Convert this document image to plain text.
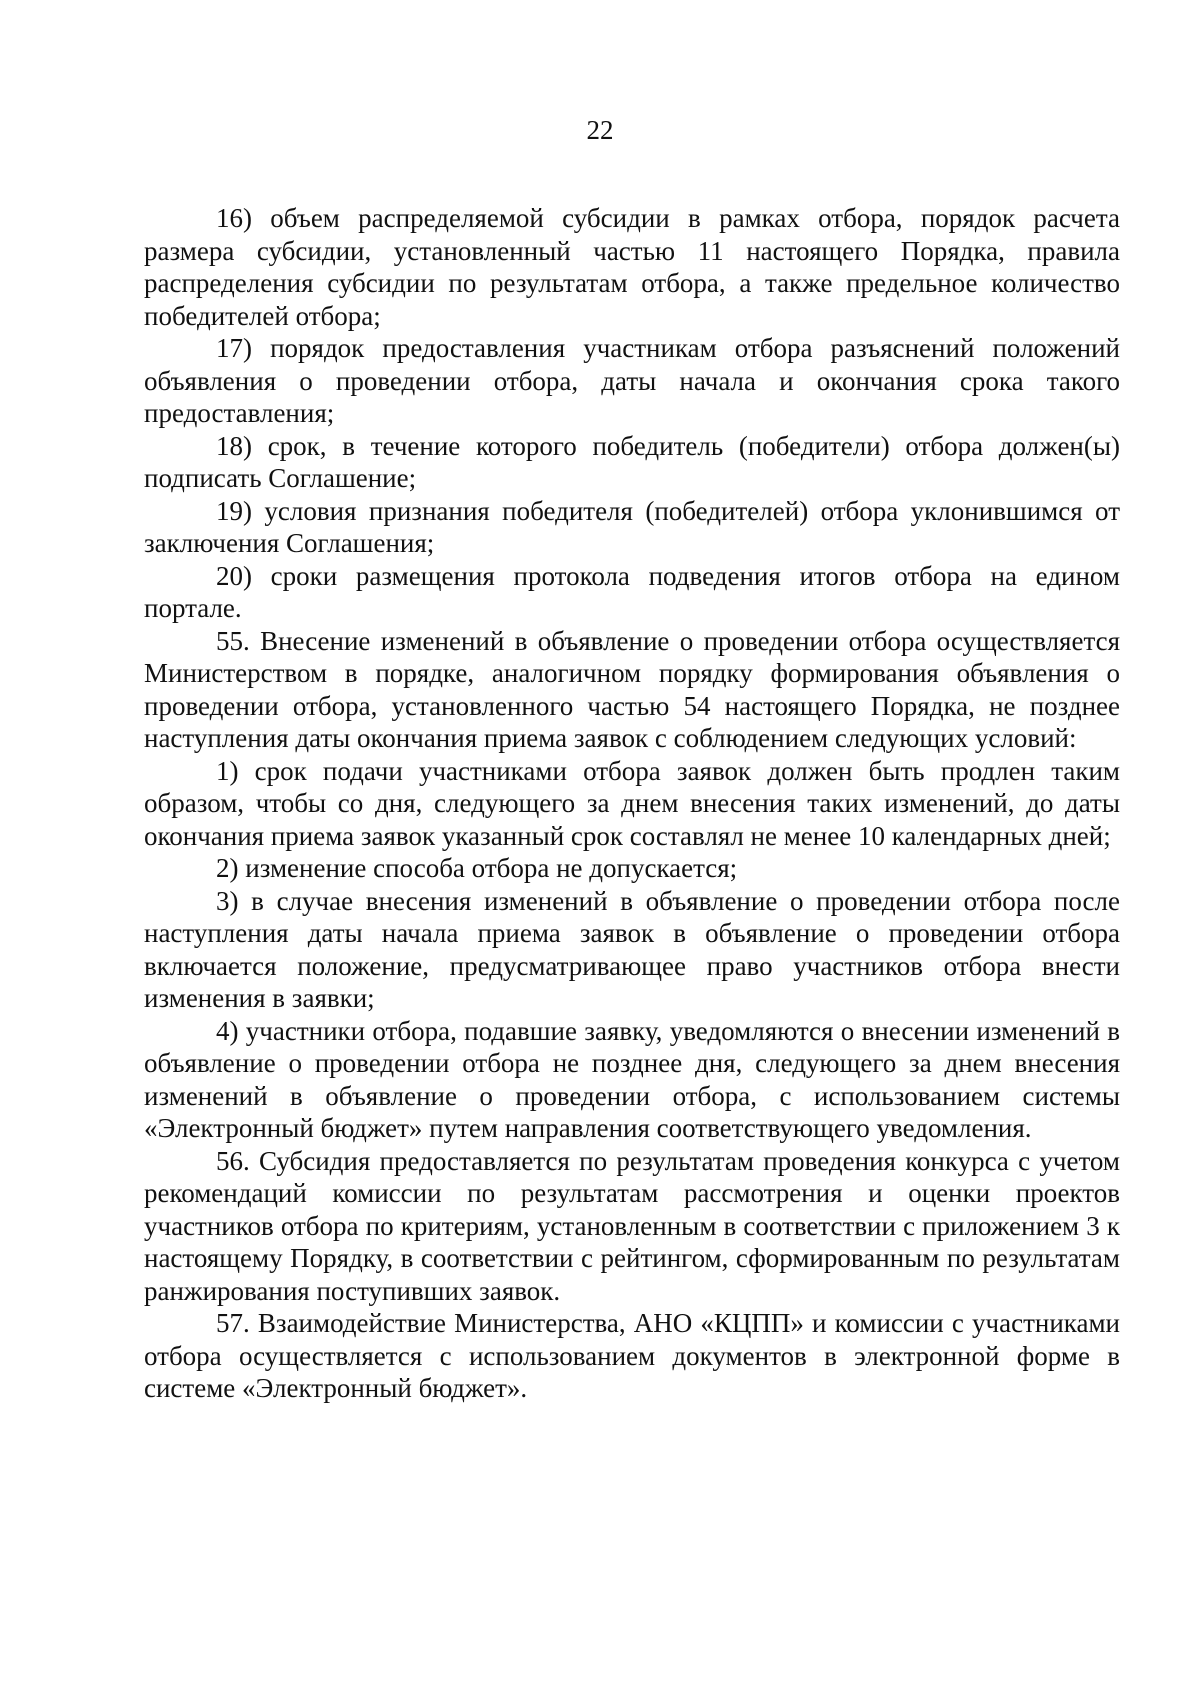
22

16) объем распределяемой субсидии в рамках отбора, порядок расчета размера субсидии, установленный частью 11 настоящего Порядка, правила распределения субсидии по результатам отбора, а также предельное количество победителей отбора;

17) порядок предоставления участникам отбора разъяснений положений объявления о проведении отбора, даты начала и окончания срока такого предоставления;

18) срок, в течение которого победитель (победители) отбора должен(ы) подписать Соглашение;

19) условия признания победителя (победителей) отбора уклонившимся от заключения Соглашения;

20) сроки размещения протокола подведения итогов отбора на едином портале.

55. Внесение изменений в объявление о проведении отбора осуществляется Министерством в порядке, аналогичном порядку формирования объявления о проведении отбора, установленного частью 54 настоящего Порядка, не позднее наступления даты окончания приема заявок с соблюдением следующих условий:

1) срок подачи участниками отбора заявок должен быть продлен таким образом, чтобы со дня, следующего за днем внесения таких изменений, до даты окончания приема заявок указанный срок составлял не менее 10 календарных дней;

2) изменение способа отбора не допускается;

3) в случае внесения изменений в объявление о проведении отбора после наступления даты начала приема заявок в объявление о проведении отбора включается положение, предусматривающее право участников отбора внести изменения в заявки;

4) участники отбора, подавшие заявку, уведомляются о внесении изменений в объявление о проведении отбора не позднее дня, следующего за днем внесения изменений в объявление о проведении отбора, с использованием системы «Электронный бюджет» путем направления соответствующего уведомления.

56. Субсидия предоставляется по результатам проведения конкурса с учетом рекомендаций комиссии по результатам рассмотрения и оценки проектов участников отбора по критериям, установленным в соответствии с приложением 3 к настоящему Порядку, в соответствии с рейтингом, сформированным по результатам ранжирования поступивших заявок.

57. Взаимодействие Министерства, АНО «КЦПП» и комиссии с участниками отбора осуществляется с использованием документов в электронной форме в системе «Электронный бюджет».
